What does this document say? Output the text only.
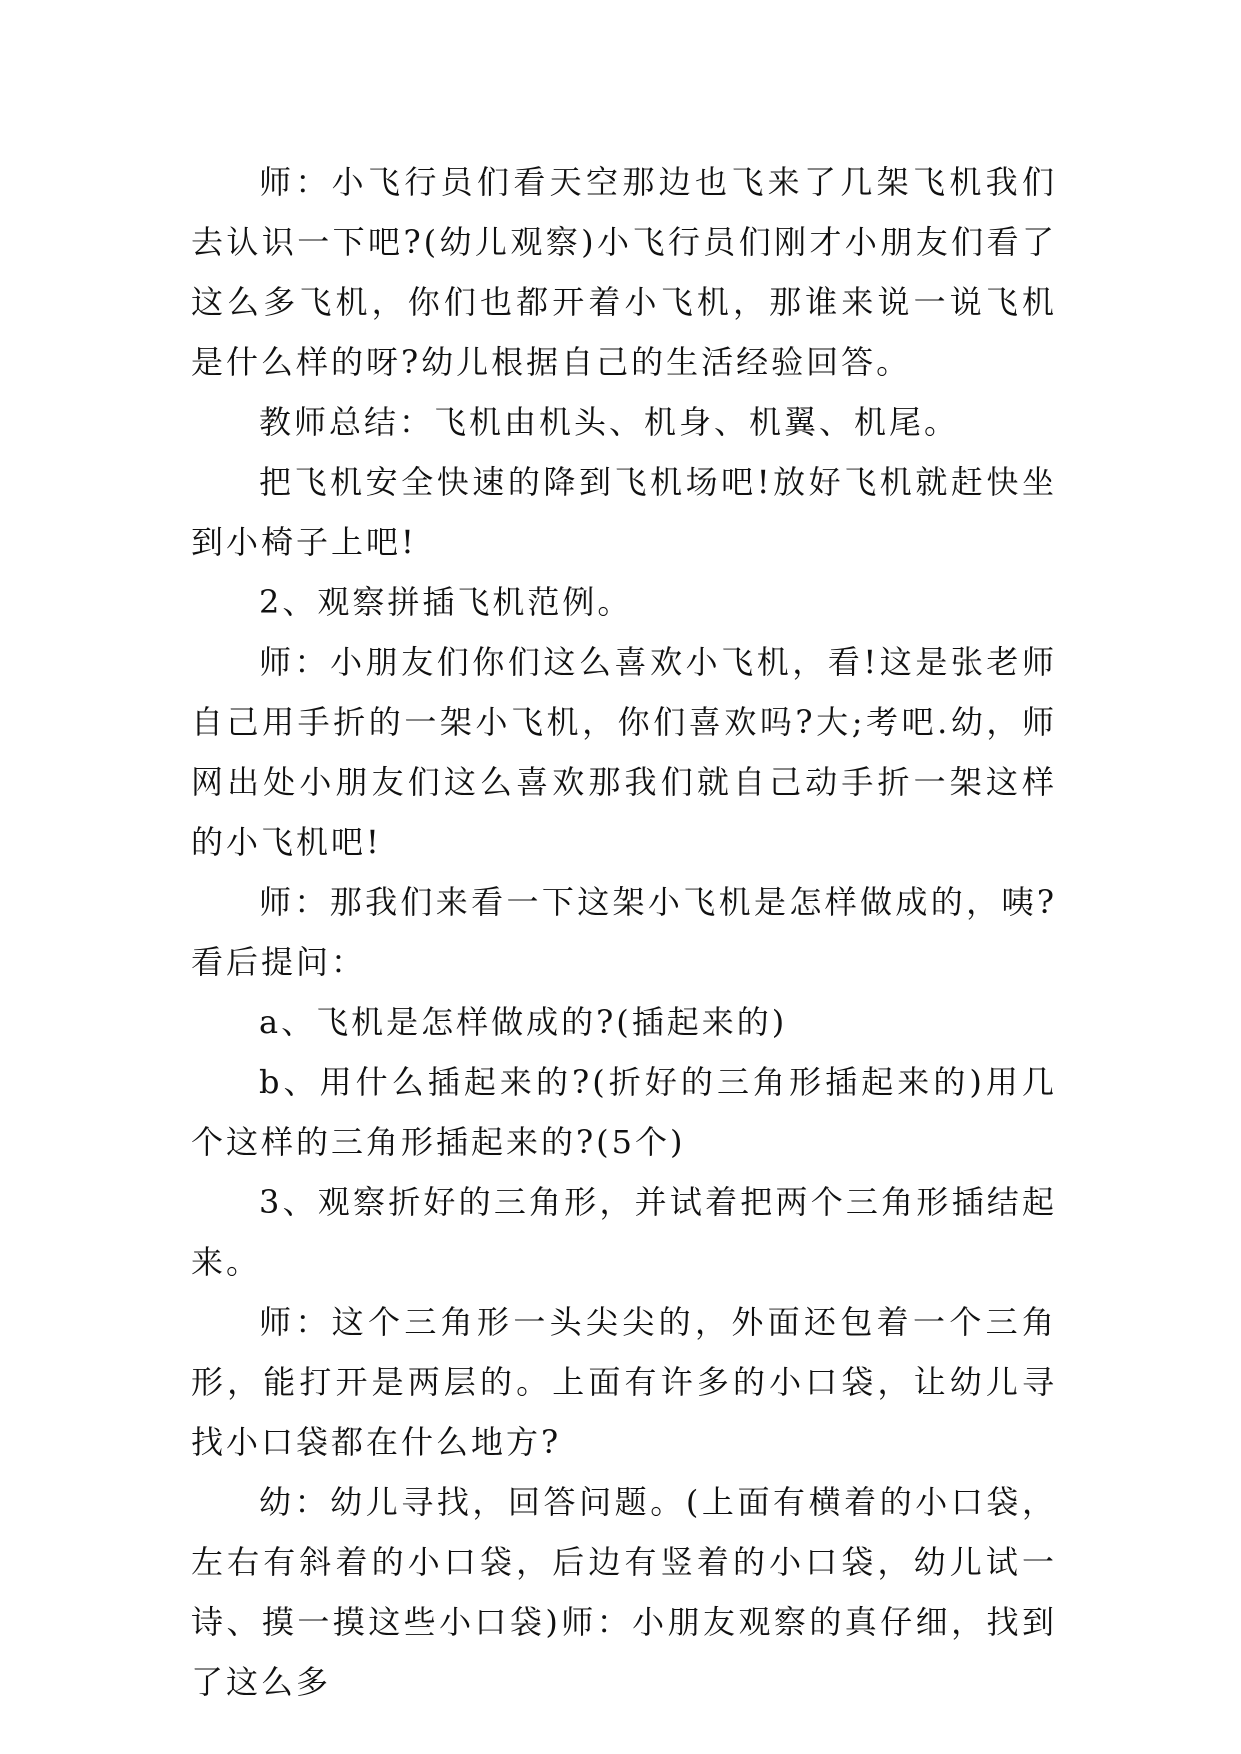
师：小飞行员们看天空那边也飞来了几架飞机我们去认识一下吧?(幼儿观察)小飞行员们刚才小朋友们看了这么多飞机，你们也都开着小飞机，那谁来说一说飞机是什么样的呀?幼儿根据自己的生活经验回答。

教师总结：飞机由机头、机身、机翼、机尾。

把飞机安全快速的降到飞机场吧!放好飞机就赶快坐到小椅子上吧!

2、观察拼插飞机范例。

师：小朋友们你们这么喜欢小飞机，看!这是张老师自己用手折的一架小飞机，你们喜欢吗?大;考吧.幼，师网出处小朋友们这么喜欢那我们就自己动手折一架这样的小飞机吧!

师：那我们来看一下这架小飞机是怎样做成的，咦?看后提问：

a、飞机是怎样做成的?(插起来的)

b、用什么插起来的?(折好的三角形插起来的)用几个这样的三角形插起来的?(5个)

3、观察折好的三角形，并试着把两个三角形插结起来。

师：这个三角形一头尖尖的，外面还包着一个三角形，能打开是两层的。上面有许多的小口袋，让幼儿寻找小口袋都在什么地方?

幼：幼儿寻找，回答问题。(上面有横着的小口袋，左右有斜着的小口袋，后边有竖着的小口袋，幼儿试一诗、摸一摸这些小口袋)师：小朋友观察的真仔细，找到了这么多
